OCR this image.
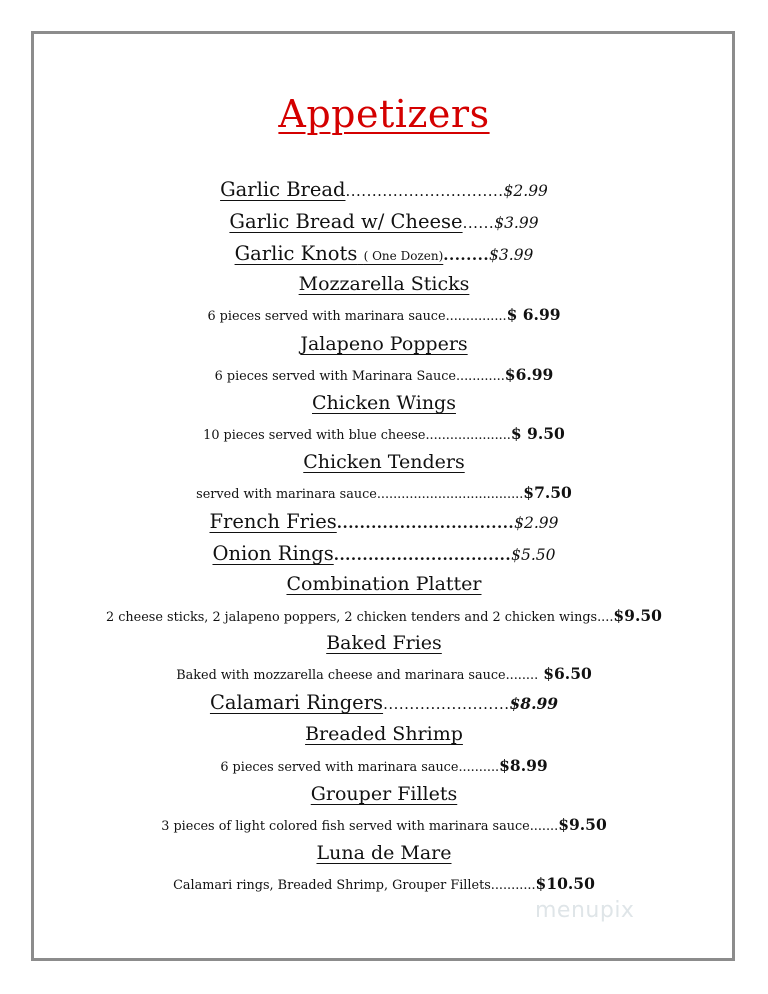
Appetizers
Garlic Bread..............................$2.99
Garlic Bread w/ Cheese......$3.99
Garlic Knots ( One Dozen)........$3.99
Mozzarella Sticks
6 pieces served with marinara sauce...............$ 6.99
Jalapeno Poppers
6 pieces served with Marinara Sauce............$6.99
Chicken Wings
10 pieces served with blue cheese.....................$ 9.50
Chicken Tenders
served with marinara sauce....................................$7.50
French Fries...............................$2.99
Onion Rings...............................$5.50
Combination Platter
2 cheese sticks, 2 jalapeno poppers, 2 chicken tenders and 2 chicken wings....$9.50
Baked Fries
Baked with mozzarella cheese and marinara sauce........ $6.50
Calamari Ringers........................$8.99
Breaded Shrimp
6 pieces served with marinara sauce..........$8.99
Grouper Fillets
3 pieces of light colored fish served with marinara sauce.......$9.50
Luna de Mare
Calamari rings, Breaded Shrimp, Grouper Fillets...........$10.50
menupix
